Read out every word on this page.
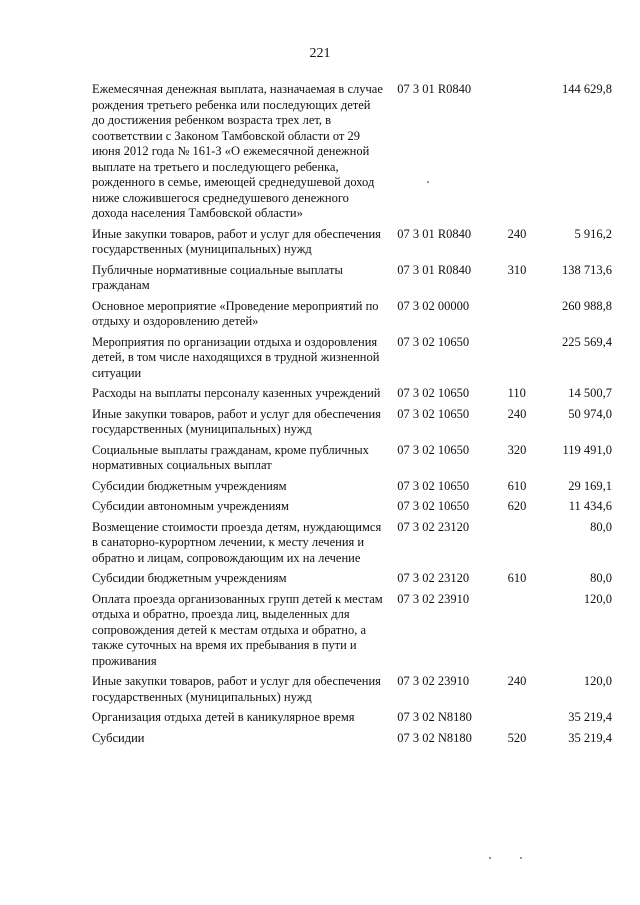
221
Ежемесячная денежная выплата, назначаемая в случае рождения третьего ребенка или последующих детей до достижения ребенком возраста трех лет, в соответствии с Законом Тамбовской области от 29 июня 2012 года № 161-З «О ежемесячной денежной выплате на третьего и последующего ребенка, рожденного в семье, имеющей среднедушевой доход ниже сложившегося среднедушевого денежного дохода населения Тамбовской области»	07 3 01 R0840		144 629,8
Иные закупки товаров, работ и услуг для обеспечения государственных (муниципальных) нужд	07 3 01 R0840	240	5 916,2
Публичные нормативные социальные выплаты гражданам	07 3 01 R0840	310	138 713,6
Основное мероприятие «Проведение мероприятий по отдыху и оздоровлению детей»	07 3 02 00000		260 988,8
Мероприятия по организации отдыха и оздоровления детей, в том числе находящихся в трудной жизненной ситуации	07 3 02 10650		225 569,4
Расходы на выплаты персоналу казенных учреждений	07 3 02 10650	110	14 500,7
Иные закупки товаров, работ и услуг для обеспечения государственных (муниципальных) нужд	07 3 02 10650	240	50 974,0
Социальные выплаты гражданам, кроме публичных нормативных социальных выплат	07 3 02 10650	320	119 491,0
Субсидии бюджетным учреждениям	07 3 02 10650	610	29 169,1
Субсидии автономным учреждениям	07 3 02 10650	620	11 434,6
Возмещение стоимости проезда детям, нуждающимся в санаторно-курортном лечении, к месту лечения и обратно и лицам, сопровождающим их на лечение	07 3 02 23120		80,0
Субсидии бюджетным учреждениям	07 3 02 23120	610	80,0
Оплата проезда организованных групп детей к местам отдыха и обратно, проезда лиц, выделенных для сопровождения детей к местам отдыха и обратно, а также суточных на время их пребывания в пути и проживания	07 3 02 23910		120,0
Иные закупки товаров, работ и услуг для обеспечения государственных (муниципальных) нужд	07 3 02 23910	240	120,0
Организация отдыха детей в каникулярное время	07 3 02 N8180		35 219,4
Субсидии	07 3 02 N8180	520	35 219,4
